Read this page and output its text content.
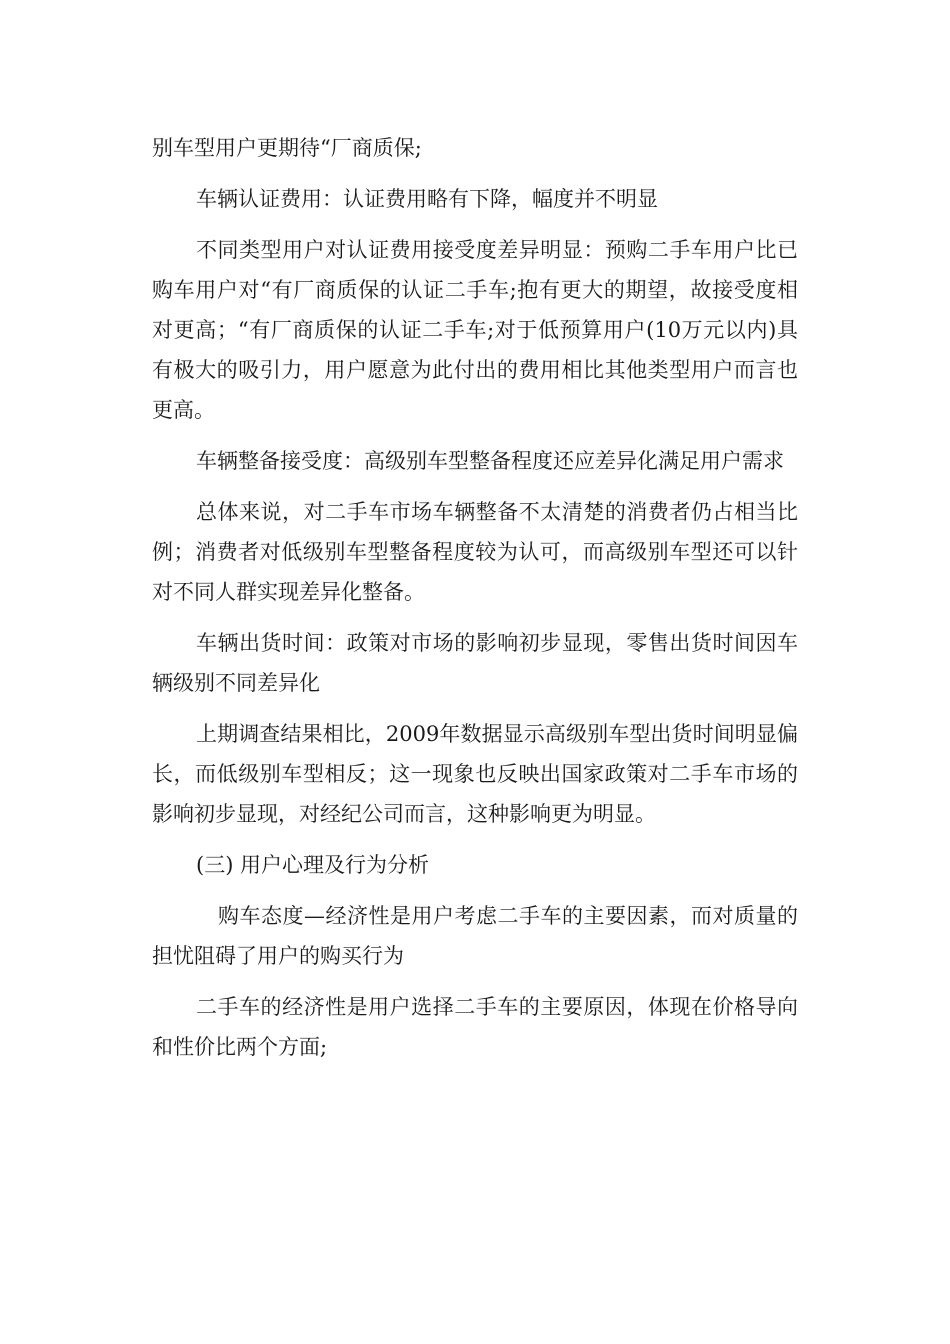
别车型用户更期待“厂商质保;

车辆认证费用：认证费用略有下降，幅度并不明显

不同类型用户对认证费用接受度差异明显：预购二手车用户比已购车用户对“有厂商质保的认证二手车;抱有更大的期望，故接受度相对更高；“有厂商质保的认证二手车;对于低预算用户(10万元以内)具有极大的吸引力，用户愿意为此付出的费用相比其他类型用户而言也更高。

车辆整备接受度：高级别车型整备程度还应差异化满足用户需求

总体来说，对二手车市场车辆整备不太清楚的消费者仍占相当比例；消费者对低级别车型整备程度较为认可，而高级别车型还可以针对不同人群实现差异化整备。

车辆出货时间：政策对市场的影响初步显现，零售出货时间因车辆级别不同差异化

上期调查结果相比，2009年数据显示高级别车型出货时间明显偏长，而低级别车型相反；这一现象也反映出国家政策对二手车市场的影响初步显现，对经纪公司而言，这种影响更为明显。

(三) 用户心理及行为分析

购车态度—经济性是用户考虑二手车的主要因素，而对质量的担忧阻碍了用户的购买行为

二手车的经济性是用户选择二手车的主要原因，体现在价格导向和性价比两个方面;
